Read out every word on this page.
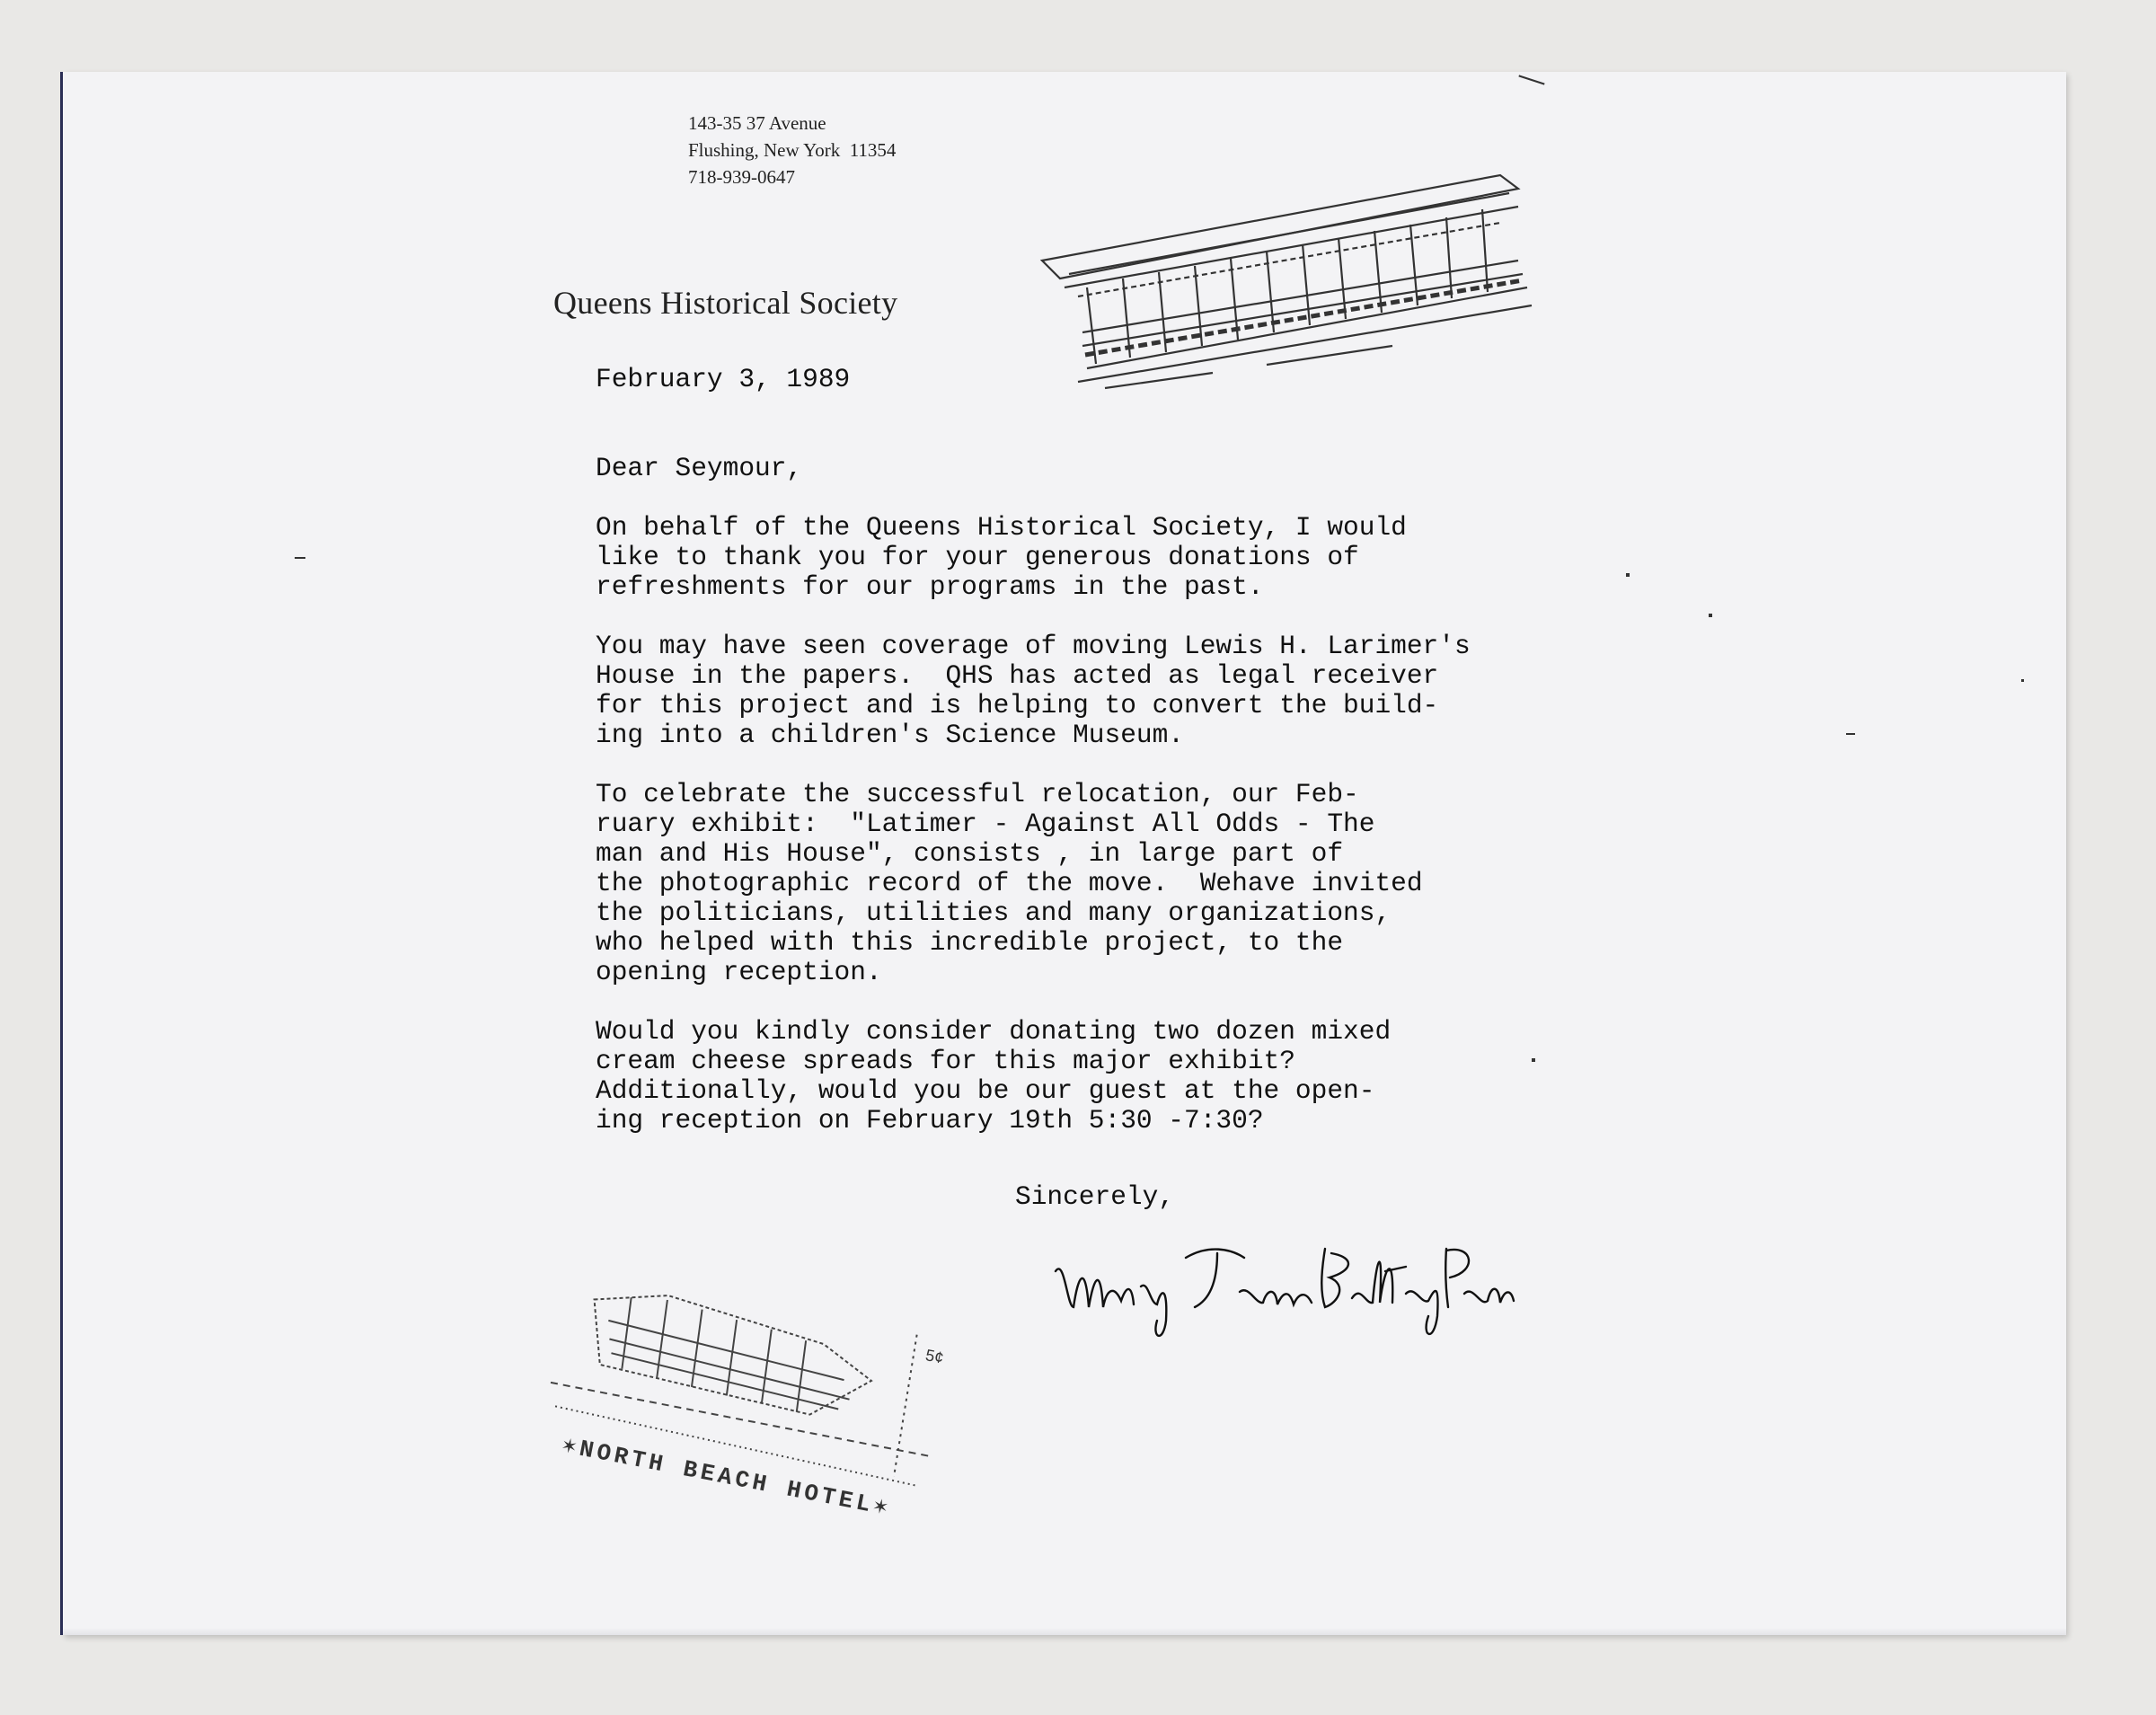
143-35 37 Avenue
Flushing, New York  11354
718-939-0647
Queens Historical Society

February 3, 1989

Dear Seymour,

On behalf of the Queens Historical Society, I would

like to thank you for your generous donations of

refreshments for our programs in the past.

You may have seen coverage of moving Lewis H. Larimer's

House in the papers.  QHS has acted as legal receiver

for this project and is helping to convert the build-

ing into a children's Science Museum.

To celebrate the successful relocation, our Feb-

ruary exhibit:  "Latimer - Against All Odds - The

man and His House", consists , in large part of

the photographic record of the move.  Wehave invited

the politicians, utilities and many organizations,

who helped with this incredible project, to the

opening reception.

Would you kindly consider donating two dozen mixed

cream cheese spreads for this major exhibit?

Additionally, would you be our guest at the open-

ing reception on February 19th 5:30 -7:30?

Sincerely,
✶NORTH BEACH HOTEL✶
5¢
